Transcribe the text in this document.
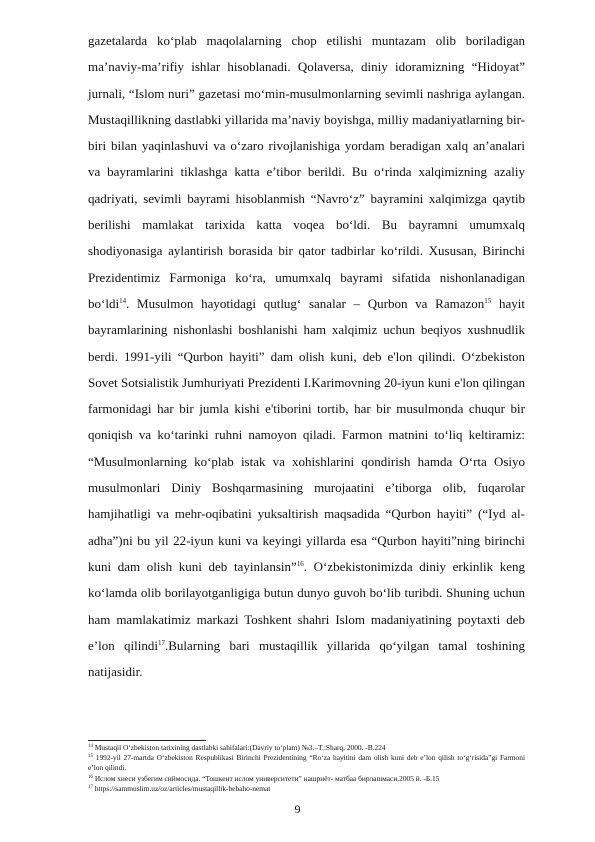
gazetalarda ko‘plab maqolalarning chop etilishi muntazam olib boriladigan ma’naviy-ma’rifiy ishlar hisoblanadi. Qolaversa, diniy idoramizning “Hidoyat” jurnali, “Islom nuri” gazetasi mo‘min-musulmonlarning sevimli nashriga aylangan. Mustaqillikning dastlabki yillarida ma’naviy boyishga, milliy madaniyatlarning bir-biri bilan yaqinlashuvi va o‘zaro rivojlanishiga yordam beradigan xalq an’analari va bayramlarini tiklashga katta e’tibor berildi. Bu o‘rinda xalqimizning azaliy qadriyati, sevimli bayrami hisoblanmish “Navro‘z” bayramini xalqimizga qaytib berilishi mamlakat tarixida katta voqea bo‘ldi. Bu bayramni umumxalq shodiyonasiga aylantirish borasida bir qator tadbirlar ko‘rildi. Xususan, Birinchi Prezidentimiz Farmoniga ko‘ra, umumxalq bayrami sifatida nishonlanadigan bo‘ldi$^{14}$. Musulmon hayotidagi qutlug‘ sanalar – Qurbon va Ramazon$^{15}$ hayit bayramlarining nishonlashi boshlanishi ham xalqimiz uchun beqiyos xushnudlik berdi. 1991-yili “Qurbon hayiti” dam olish kuni, deb e'lon qilindi. O‘zbekiston Sovet Sotsialistik Jumhuriyati Prezidenti I.Karimovning 20-iyun kuni e'lon qilingan farmonidagi har bir jumla kishi e'tiborini tortib, har bir musulmonda chuqur bir qoniqish va ko‘tarinki ruhni namoyon qiladi. Farmon matnini to‘liq keltiramiz: “Musulmonlarning ko‘plab istak va xohishlarini qondirish hamda O‘rta Osiyo musulmonlari Diniy Boshqarmasining murojaatini e’tiborga olib, fuqarolar hamjihatligi va mehr-oqibatini yuksaltirish maqsadida “Qurbon hayiti” (“Iyd al-adha”)ni bu yil 22-iyun kuni va keyingi yillarda esa “Qurbon hayiti”ning birinchi kuni dam olish kuni deb tayinlansin”$^{16}$. O‘zbekistonimizda diniy erkinlik keng ko‘lamda olib borilayotganligiga butun dunyo guvoh bo‘lib turibdi. Shuning uchun ham mamlakatimiz markazi Toshkent shahri Islom madaniyatining poytaxti deb e’lon qilindi$^{17}$.Bularning bari mustaqillik yillarida qo‘yilgan tamal toshining natijasidir.

$^{14}$ Mustaqil O‘zbekiston tarixining dastlabki sahifalari:(Davriy to‘plam) №3.–T.:Sharq, 2000. -B.224

$^{15}$ 1992-yil 27-martda O‘zbekiston Respublikasi Birinchi Prezidentining “Ro‘za hayitini dam olish kuni deb e’lon qilish to‘g‘risida”gi Farmoni e’lon qilindi.

$^{16}$ Ислом хиеси узбегим сиймосида. “Тошкент ислом университети” нашриёт- матбаа бирлашмаси.2005 й. -Б.15

$^{17}$ https://sammuslim.uz/oz/articles/mustaqillik-bebaho-nemat

9
